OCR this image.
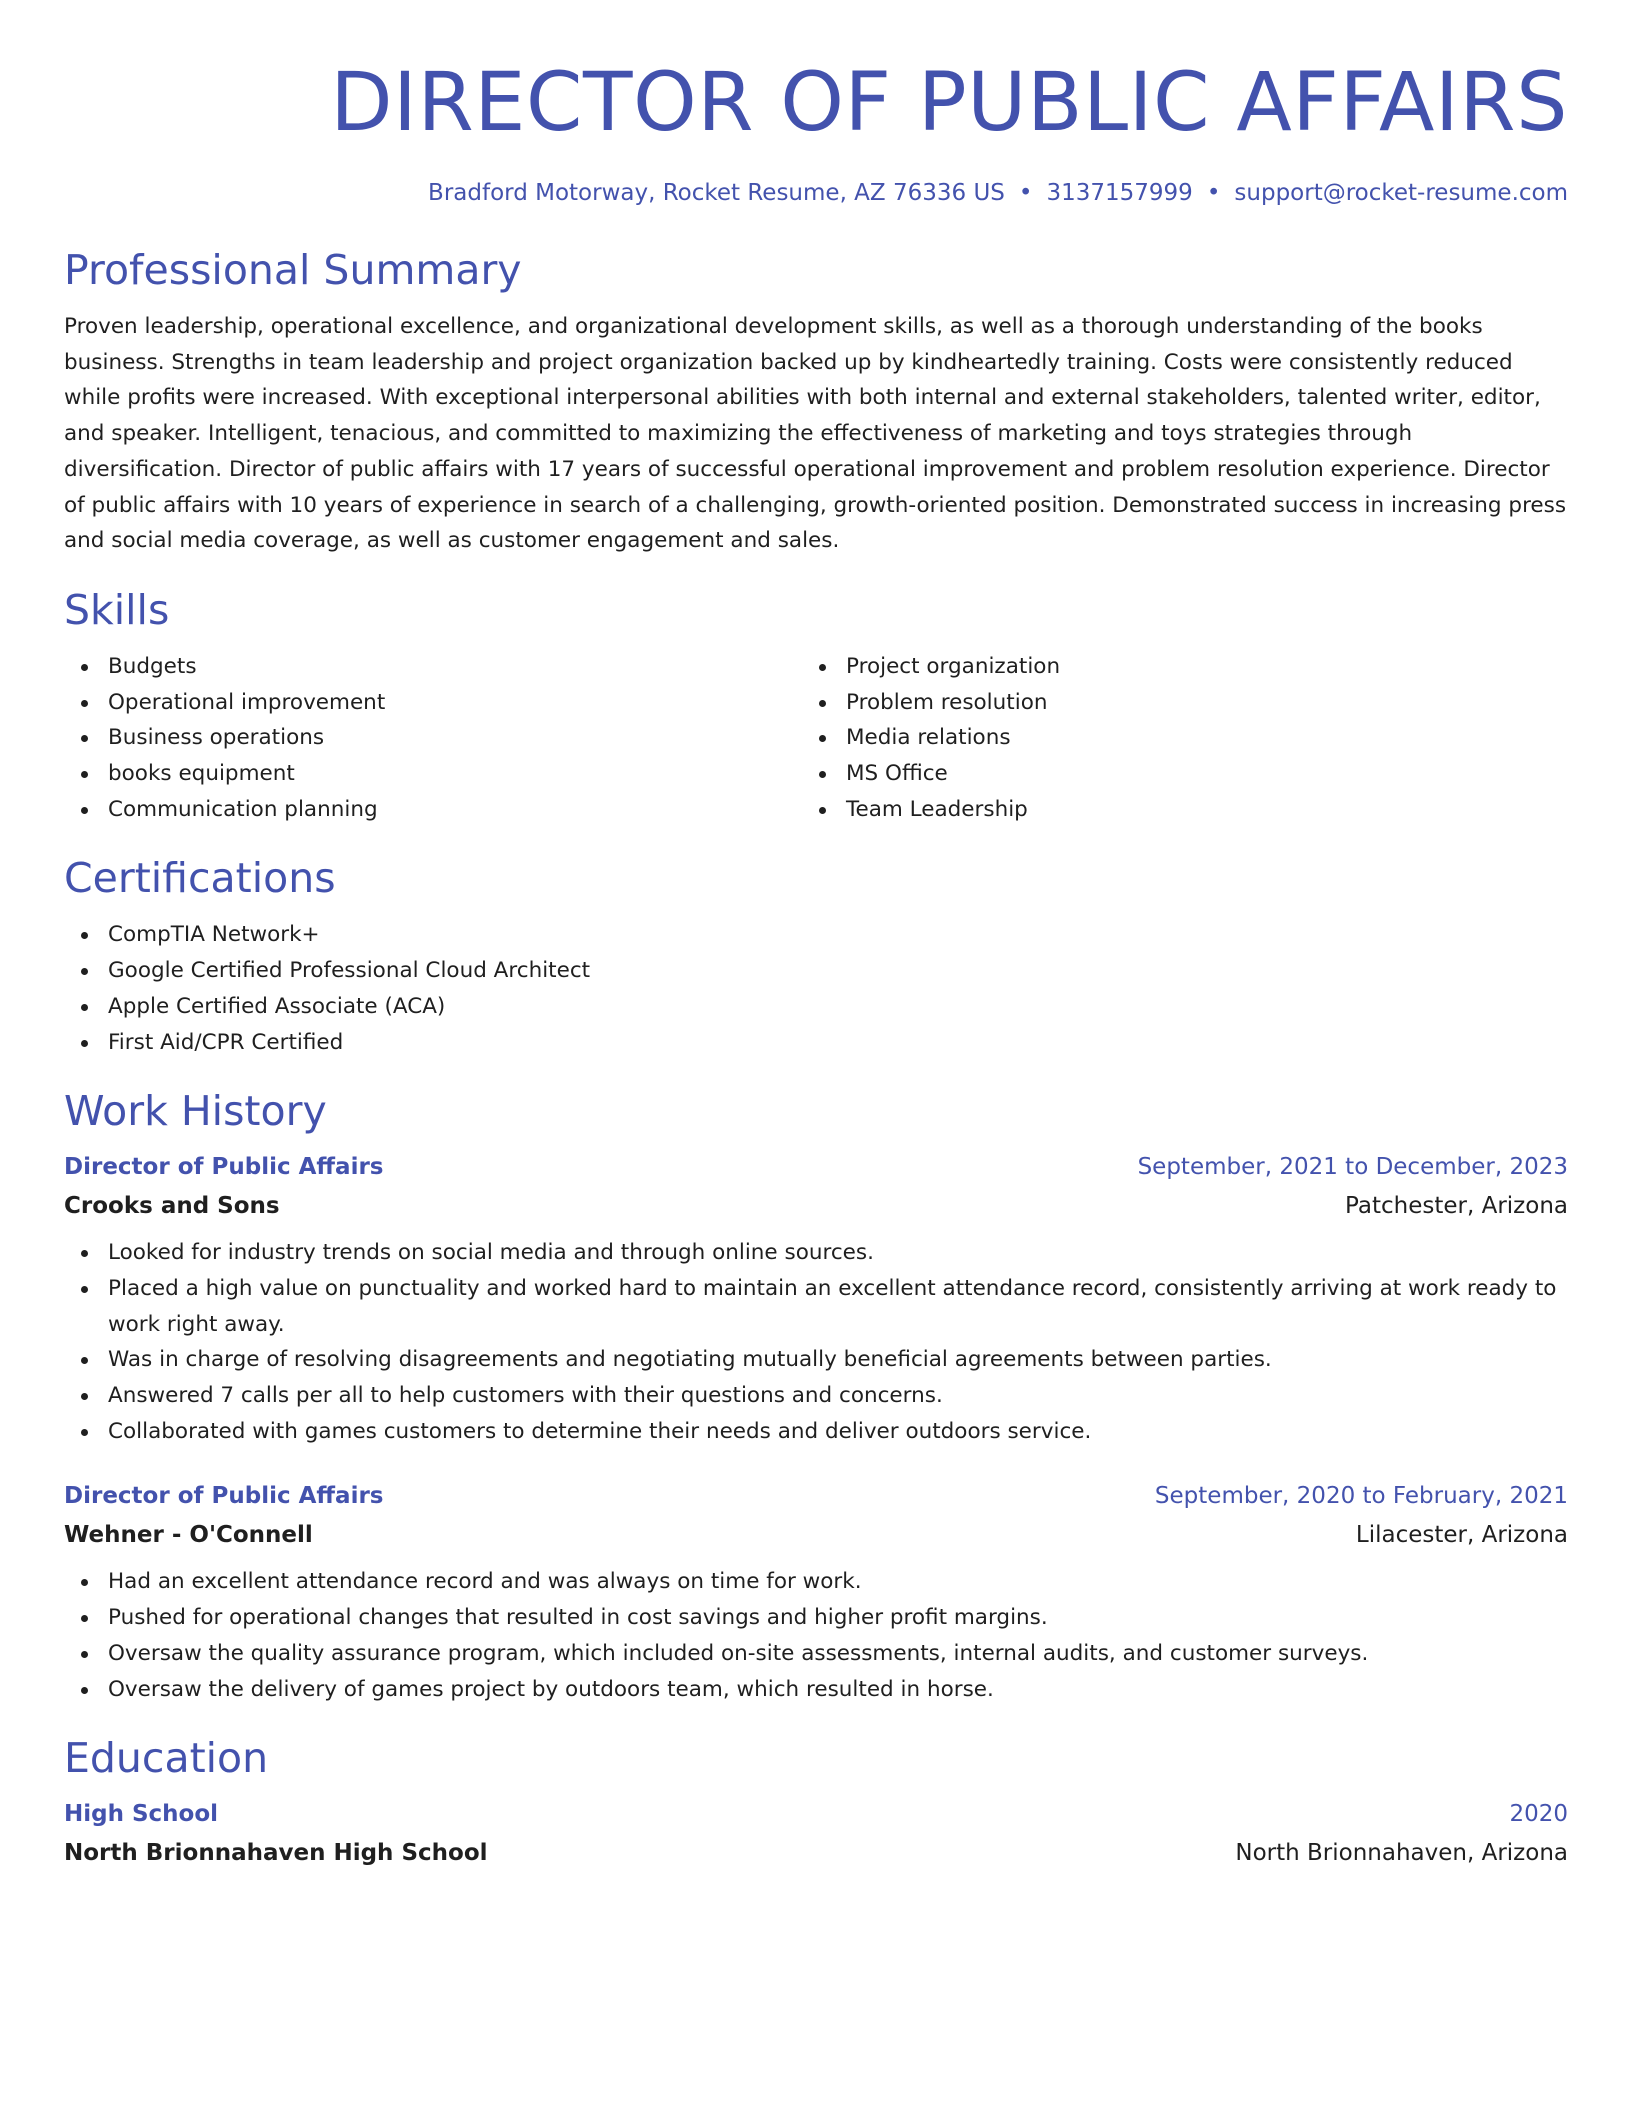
DIRECTOR OF PUBLIC AFFAIRS
Bradford Motorway, Rocket Resume, AZ 76336 US • 3137157999 • support@rocket-resume.com
Professional Summary

Proven leadership, operational excellence, and organizational development skills, as well as a thorough understanding of the books business. Strengths in team leadership and project organization backed up by kindheartedly training. Costs were consistently reduced while profits were increased. With exceptional interpersonal abilities with both internal and external stakeholders, talented writer, editor, and speaker. Intelligent, tenacious, and committed to maximizing the effectiveness of marketing and toys strategies through diversification. Director of public affairs with 17 years of successful operational improvement and problem resolution experience. Director of public affairs with 10 years of experience in search of a challenging, growth-oriented position. Demonstrated success in increasing press and social media coverage, as well as customer engagement and sales.

Skills
Budgets
Operational improvement
Business operations
books equipment
Communication planning
Project organization
Problem resolution
Media relations
MS Office
Team Leadership
Certifications
CompTIA Network+
Google Certified Professional Cloud Architect
Apple Certified Associate (ACA)
First Aid/CPR Certified
Work History
Director of Public Affairs	September, 2021 to December, 2023
Crooks and Sons	Patchester, Arizona
Looked for industry trends on social media and through online sources.
Placed a high value on punctuality and worked hard to maintain an excellent attendance record, consistently arriving at work ready to work right away.
Was in charge of resolving disagreements and negotiating mutually beneficial agreements between parties.
Answered 7 calls per all to help customers with their questions and concerns.
Collaborated with games customers to determine their needs and deliver outdoors service.
Director of Public Affairs	September, 2020 to February, 2021
Wehner - O'Connell	Lilacester, Arizona
Had an excellent attendance record and was always on time for work.
Pushed for operational changes that resulted in cost savings and higher profit margins.
Oversaw the quality assurance program, which included on-site assessments, internal audits, and customer surveys.
Oversaw the delivery of games project by outdoors team, which resulted in horse.
Education
High School	2020
North Brionnahaven High School	North Brionnahaven, Arizona
